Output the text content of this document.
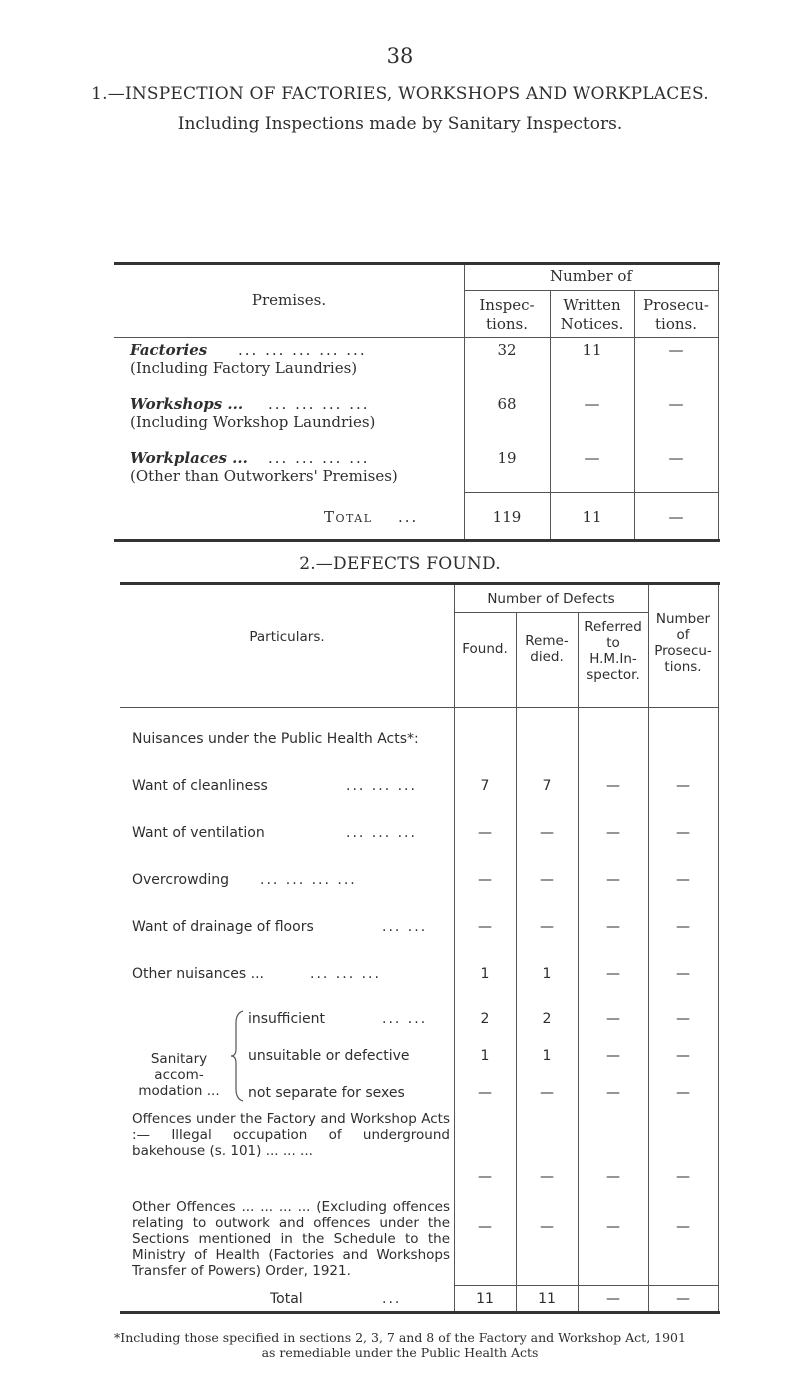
38
1.—INSPECTION OF FACTORIES, WORKSHOPS AND WORKPLACES.
Including Inspections made by Sanitary Inspectors.
Premises.
Number of
Inspec-
tions.
Written
Notices.
Prosecu-
tions.
Factories ... ... ... ... ...
(Including Factory Laundries)
32	11	—
Workshops ... ... ... ... ...
(Including Workshop Laundries)
68	—	—
Workplaces ... ... ... ... ...
(Other than Outworkers' Premises)
19	—	—
Total ...	119	11	—
2.—DEFECTS FOUND.
Particulars.
Number of Defects
Found.	Reme-
died.
Referred
to
H.M.In-
spector.
Number
of
Prosecu-
tions.
Nuisances under the Public Health Acts*:
Want of cleanliness	... ... ...	7	7	—	—
Want of ventilation	... ... ...	—	—	—	—
Overcrowding ... ... ... ...	—	—	—	—
Want of drainage of floors	... ...	—	—	—	—
Other nuisances ...	... ... ...	1	1	—	—
Sanitary accom-
modation ...
insufficient	... ...	2	2	—	—
unsuitable or defective	1	1	—	—
not separate for sexes	—	—	—	—
Offences under the Factory and Workshop Acts :— Illegal occupation of underground bakehouse (s. 101) ... ... ...
—	—	—	—
Other Offences ... ... ... ... (Excluding offences relating to outwork and offences under the Sections mentioned in the Schedule to the Ministry of Health (Factories and Workshops Transfer of Powers) Order, 1921.
—	—	—	—
Total	...	11	11	—	—
*Including those specified in sections 2, 3, 7 and 8 of the Factory and Workshop Act, 1901
as remediable under the Public Health Acts
